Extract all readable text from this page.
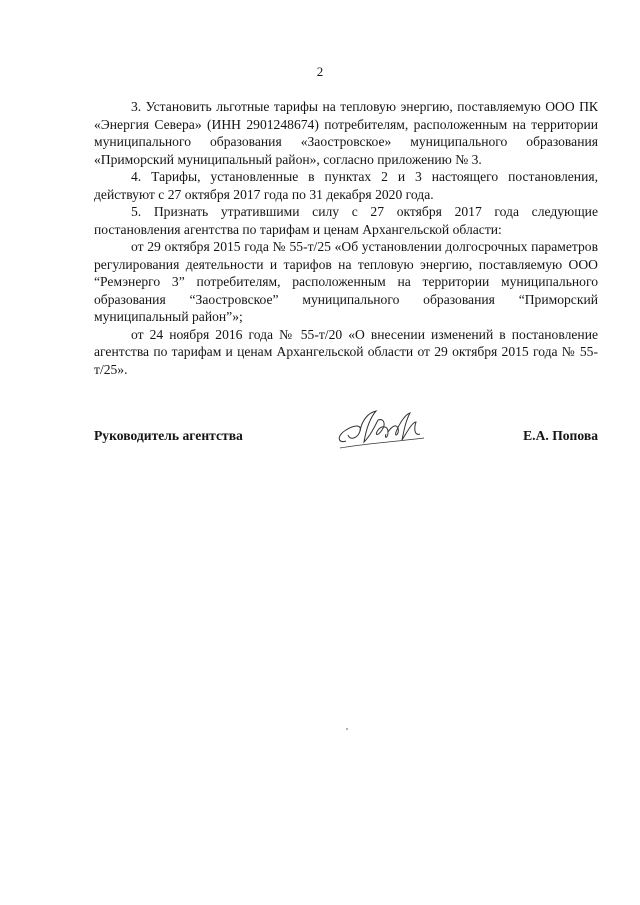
2

3. Установить льготные тарифы на тепловую энергию, поставляемую ООО ПК «Энергия Севера» (ИНН 2901248674) потребителям, расположенным на территории муниципального образования «Заостровское» муниципального образования «Приморский муниципальный район», согласно приложению № 3.

4. Тарифы, установленные в пунктах 2 и 3 настоящего постановления, действуют с 27 октября 2017 года по 31 декабря 2020 года.

5. Признать утратившими силу с 27 октября 2017 года следующие постановления агентства по тарифам и ценам Архангельской области:

от 29 октября 2015 года № 55-т/25 «Об установлении долгосрочных параметров регулирования деятельности и тарифов на тепловую энергию, поставляемую ООО “Ремэнерго 3” потребителям, расположенным на территории муниципального образования “Заостровское” муниципального образования “Приморский муниципальный район”»;

от 24 ноября 2016 года № 55-т/20 «О внесении изменений в постановление агентства по тарифам и ценам Архангельской области от 29 октября 2015 года № 55-т/25».

Руководитель агентства	Е.А. Попова
